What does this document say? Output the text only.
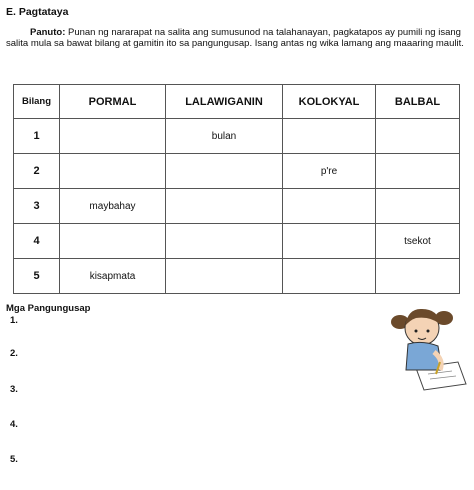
E. Pagtataya
Panuto: Punan ng nararapat na salita ang sumusunod na talahanayan, pagkatapos ay pumili ng isang salita mula sa bawat bilang at gamitin ito sa pangungusap. Isang antas ng wika lamang ang maaaring maulit.
Bilang	PORMAL	LALAWIGANIN	KOLOKYAL	BALBAL
1		bulan		
2			p're	
3	maybahay			
4				tsekot
5	kisapmata			
Mga Pangungusap
1.
2.
3.
4.
5.
